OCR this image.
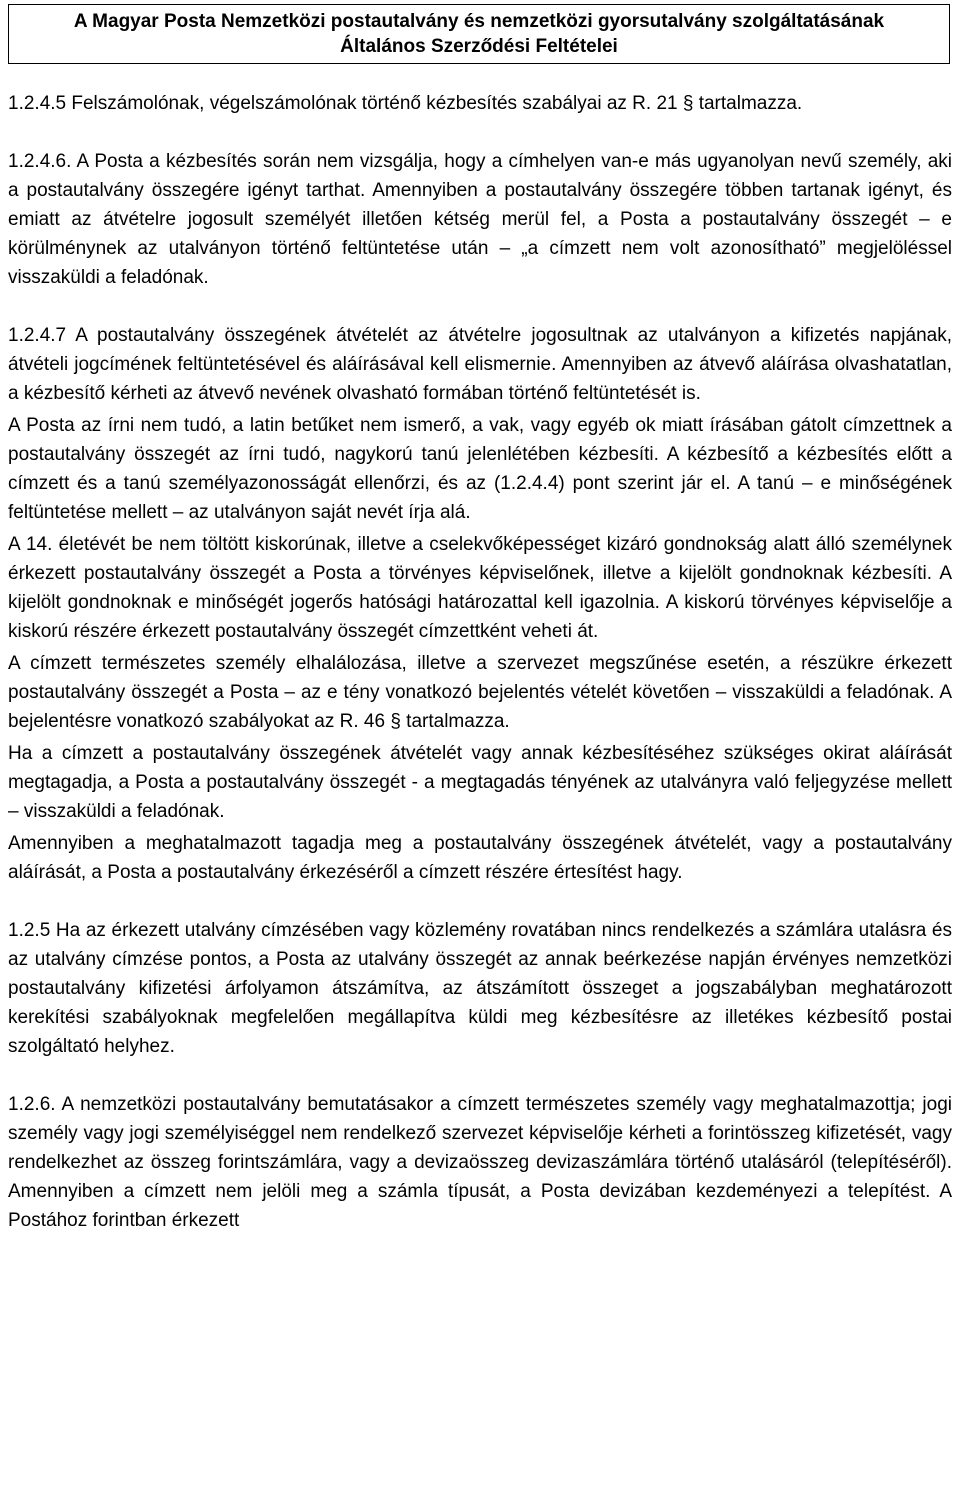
A Magyar Posta Nemzetközi postautalvány és nemzetközi gyorsutalvány szolgáltatásának
Általános Szerződési Feltételei

1.2.4.5 Felszámolónak, végelszámolónak történő kézbesítés szabályai az R. 21 § tartalmazza.

1.2.4.6. A Posta a kézbesítés során nem vizsgálja, hogy a címhelyen van-e más ugyanolyan nevű személy, aki a postautalvány összegére igényt tarthat. Amennyiben a postautalvány összegére többen tartanak igényt, és emiatt az átvételre jogosult személyét illetően kétség merül fel, a Posta a postautalvány összegét – e körülménynek az utalványon történő feltüntetése után – „a címzett nem volt azonosítható” megjelöléssel visszaküldi a feladónak.

1.2.4.7 A postautalvány összegének átvételét az átvételre jogosultnak az utalványon a kifizetés napjának, átvételi jogcímének feltüntetésével és aláírásával kell elismernie. Amennyiben az átvevő aláírása olvashatatlan, a kézbesítő kérheti az átvevő nevének olvasható formában történő feltüntetését is.

A Posta az írni nem tudó, a latin betűket nem ismerő, a vak, vagy egyéb ok miatt írásában gátolt címzettnek a postautalvány összegét az írni tudó, nagykorú tanú jelenlétében kézbesíti. A kézbesítő a kézbesítés előtt a címzett és a tanú személyazonosságát ellenőrzi, és az (1.2.4.4) pont szerint jár el. A tanú – e minőségének feltüntetése mellett – az utalványon saját nevét írja alá.

A 14. életévét be nem töltött kiskorúnak, illetve a cselekvőképességet kizáró gondnokság alatt álló személynek érkezett postautalvány összegét a Posta a törvényes képviselőnek, illetve a kijelölt gondnoknak kézbesíti. A kijelölt gondnoknak e minőségét jogerős hatósági határozattal kell igazolnia. A kiskorú törvényes képviselője a kiskorú részére érkezett postautalvány összegét címzettként veheti át.

A címzett természetes személy elhalálozása, illetve a szervezet megszűnése esetén, a részükre érkezett postautalvány összegét a Posta – az e tény vonatkozó bejelentés vételét követően – visszaküldi a feladónak. A bejelentésre vonatkozó szabályokat az R. 46 § tartalmazza.

Ha a címzett a postautalvány összegének átvételét vagy annak kézbesítéséhez szükséges okirat aláírását megtagadja, a Posta a postautalvány összegét - a megtagadás tényének az utalványra való feljegyzése mellett – visszaküldi a feladónak.

Amennyiben a meghatalmazott tagadja meg a postautalvány összegének átvételét, vagy a postautalvány aláírását, a Posta a postautalvány érkezéséről a címzett részére értesítést hagy.

1.2.5 Ha az érkezett utalvány címzésében vagy közlemény rovatában nincs rendelkezés a számlára utalásra és az utalvány címzése pontos, a Posta az utalvány összegét az annak beérkezése napján érvényes nemzetközi postautalvány kifizetési árfolyamon átszámítva, az átszámított összeget a jogszabályban meghatározott kerekítési szabályoknak megfelelően megállapítva küldi meg kézbesítésre az illetékes kézbesítő postai szolgáltató helyhez.

1.2.6. A nemzetközi postautalvány bemutatásakor a címzett természetes személy vagy meghatalmazottja; jogi személy vagy jogi személyiséggel nem rendelkező szervezet képviselője kérheti a forintösszeg kifizetését, vagy rendelkezhet az összeg forintszámlára, vagy a devizaösszeg devizaszámlára történő utalásáról (telepítéséről). Amennyiben a címzett nem jelöli meg a számla típusát, a Posta devizában kezdeményezi a telepítést. A Postához forintban érkezett
